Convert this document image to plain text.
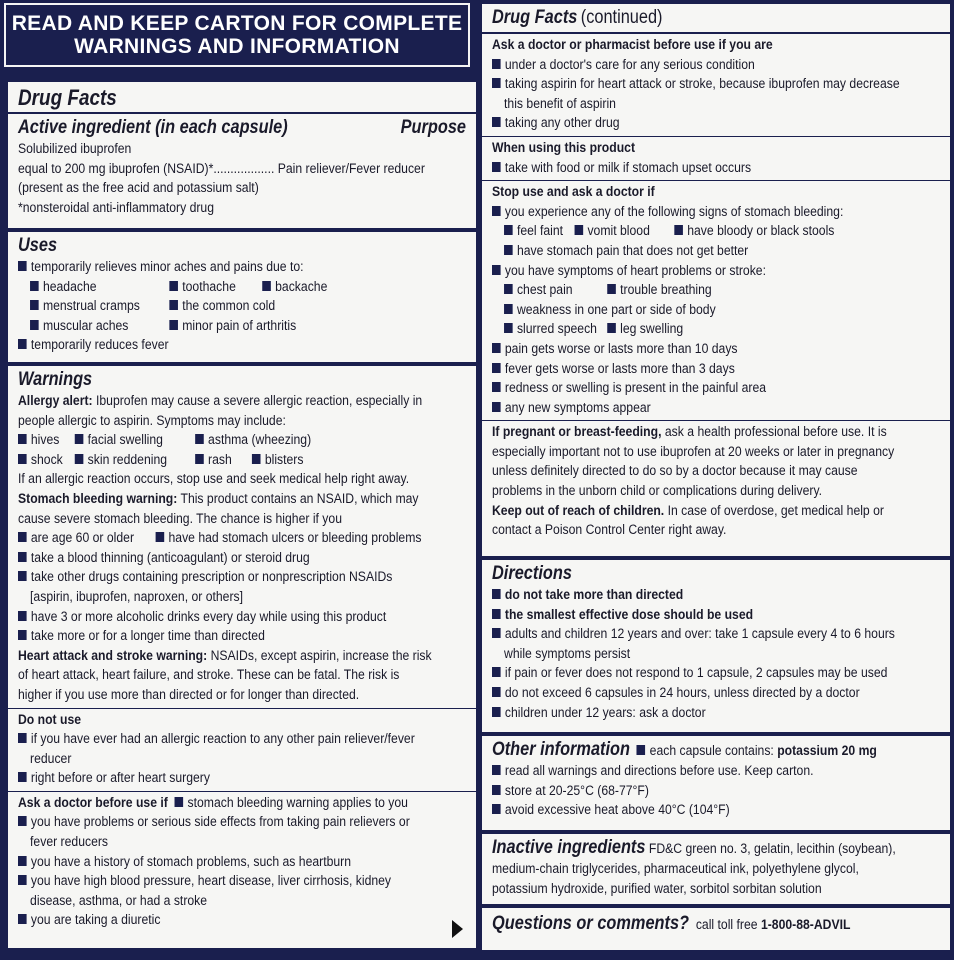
READ AND KEEP CARTON FOR COMPLETE
WARNINGS AND INFORMATION
Drug Facts
Active ingredient (in each capsule)	Purpose
Solubilized ibuprofen
equal to 200 mg ibuprofen (NSAID)*.................. Pain reliever/Fever reducer
(present as the free acid and potassium salt)
*nonsteroidal anti-inflammatory drug
Uses
temporarily relieves minor aches and pains due to:
headache	toothache	backache
menstrual cramps	the common cold
muscular aches	minor pain of arthritis
temporarily reduces fever
Warnings
Allergy alert: Ibuprofen may cause a severe allergic reaction, especially in
people allergic to aspirin. Symptoms may include:
hives	facial swelling	asthma (wheezing)
shock	skin reddening	rash	blisters
If an allergic reaction occurs, stop use and seek medical help right away.
Stomach bleeding warning: This product contains an NSAID, which may
cause severe stomach bleeding. The chance is higher if you
are age 60 or older	have had stomach ulcers or bleeding problems
take a blood thinning (anticoagulant) or steroid drug
take other drugs containing prescription or nonprescription NSAIDs
[aspirin, ibuprofen, naproxen, or others]
have 3 or more alcoholic drinks every day while using this product
take more or for a longer time than directed
Heart attack and stroke warning: NSAIDs, except aspirin, increase the risk
of heart attack, heart failure, and stroke. These can be fatal. The risk is
higher if you use more than directed or for longer than directed.
Do not use
if you have ever had an allergic reaction to any other pain reliever/fever
reducer
right before or after heart surgery
Ask a doctor before use if stomach bleeding warning applies to you
you have problems or serious side effects from taking pain relievers or
fever reducers
you have a history of stomach problems, such as heartburn
you have high blood pressure, heart disease, liver cirrhosis, kidney
disease, asthma, or had a stroke
you are taking a diuretic
Drug Facts (continued)
Ask a doctor or pharmacist before use if you are
under a doctor's care for any serious condition
taking aspirin for heart attack or stroke, because ibuprofen may decrease
this benefit of aspirin
taking any other drug
When using this product
take with food or milk if stomach upset occurs
Stop use and ask a doctor if
you experience any of the following signs of stomach bleeding:
feel faint	vomit blood	have bloody or black stools
have stomach pain that does not get better
you have symptoms of heart problems or stroke:
chest pain	trouble breathing
weakness in one part or side of body
slurred speech	leg swelling
pain gets worse or lasts more than 10 days
fever gets worse or lasts more than 3 days
redness or swelling is present in the painful area
any new symptoms appear
If pregnant or breast-feeding, ask a health professional before use. It is
especially important not to use ibuprofen at 20 weeks or later in pregnancy
unless definitely directed to do so by a doctor because it may cause
problems in the unborn child or complications during delivery.
Keep out of reach of children. In case of overdose, get medical help or
contact a Poison Control Center right away.
Directions
do not take more than directed
the smallest effective dose should be used
adults and children 12 years and over: take 1 capsule every 4 to 6 hours
while symptoms persist
if pain or fever does not respond to 1 capsule, 2 capsules may be used
do not exceed 6 capsules in 24 hours, unless directed by a doctor
children under 12 years: ask a doctor
Other information each capsule contains: potassium 20 mg
read all warnings and directions before use. Keep carton.
store at 20-25°C (68-77°F)
avoid excessive heat above 40°C (104°F)
Inactive ingredients FD&C green no. 3, gelatin, lecithin (soybean),
medium-chain triglycerides, pharmaceutical ink, polyethylene glycol,
potassium hydroxide, purified water, sorbitol sorbitan solution
Questions or comments? call toll free 1-800-88-ADVIL
